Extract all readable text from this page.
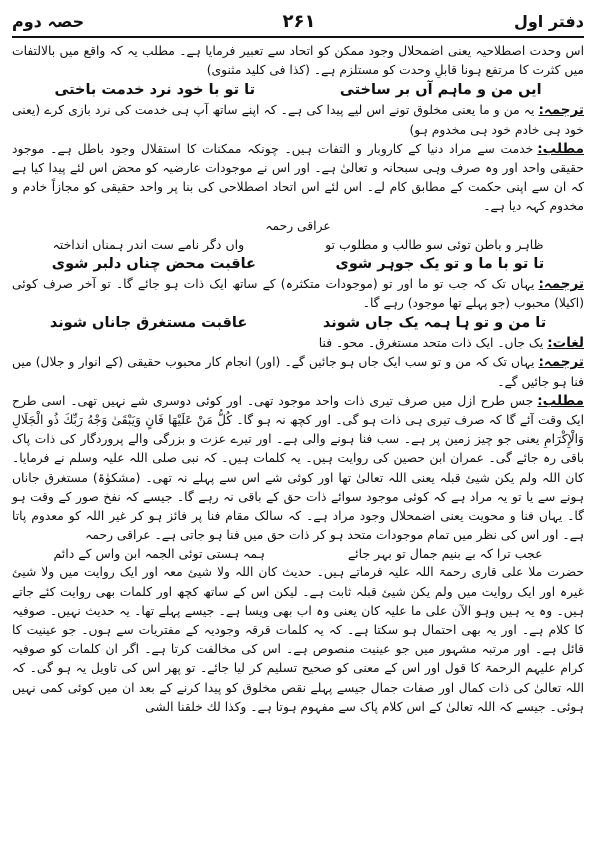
دفتر اول
۲۶۱
حصہ دوم

اس وحدت اصطلاحیہ یعنی اضمحلال وجود ممکن کو اتحاد سے تعبیر فرمایا ہے۔ مطلب یہ کہ واقع میں بالالتفات میں کثرت کا مرتفع ہونا قابلِ وحدت کو مستلزم ہے۔ (کذا فی کلید مثنوی)

ایں من و ماہم آں بر ساختی
تا تو با خود نرد خدمت باختی

ترجمہ:یہ من و ما یعنی مخلوق تونے اس لیے پیدا کی ہے۔ کہ اپنے ساتھ آپ ہی خدمت کی نرد بازی کرے (یعنی خود ہی خادم خود ہی مخدوم ہو)

مطلب:خدمت سے مراد دنیا کے کاروبار و التفات ہیں۔ چونکہ ممکنات کا استقلال وجود باطل ہے۔ موجود حقیقی واحد اور وہ صرف وہی سبحانہ و تعالیٰ ہے۔ اور اس نے موجودات عارضیہ کو محض اس لئے پیدا کیا ہے کہ ان سے اپنی حکمت کے مطابق کام لے۔ اس لئے اس اتحاد اصطلاحی کی بنا پر واحد حقیقی کو مجازاً خادم و مخدوم کہہ دیا ہے۔

عراقی رحمہ

ظاہر و باطن توئی سو طالب و مطلوب تو
واں دگر نامے ست اندر ہمناں انداختہ
تا تو با ما و تو یک جوہر شوی
عاقبت محض چناں دلبر شوی

ترجمہ:یہاں تک کہ جب تو ما اور تو (موجودات متکثرہ) کے ساتھ ایک ذات ہو جائے گا۔ تو آخر صرف کوئی (اکیلا) محبوب (جو پہلے تھا موجود) رہے گا۔

تا من و تو ہا ہمہ یک جاں شوند
عاقبت مستغرق جاناں شوند

لغات:یک جاں۔ ایک ذات متحد مستغرق۔ محو۔ فنا

ترجمہ:یہاں تک کہ من و تو سب ایک جاں ہو جائیں گے۔ (اور) انجام کار محبوب حقیقی (کے انوار و جلال) میں فنا ہو جائیں گے۔

مطلب:جس طرح ازل میں صرف تیری ذات واحد موجود تھی۔ اور کوئی دوسری شے نہیں تھی۔ اسی طرح ایک وقت آئے گا کہ صرف تیری ہی ذات ہو گی۔ اور کچھ نہ ہو گا۔ كُلُّ مَنْ عَلَيْهَا فَانٍ وَيَبْقَىٰ وَجْهُ رَبِّكَ ذُو الْجَلَالِ وَالْإِكْرَامِ یعنی جو چیز زمین پر ہے۔ سب فنا ہونے والی ہے۔ اور تیرے عزت و بزرگی والے پروردگار کی ذات پاک باقی رہ جائے گی۔ عمران ابن حصین کی روایت ہیں۔ یہ کلمات ہیں۔ کہ نبی صلی اللہ علیہ وسلم نے فرمایا۔ کان اللہ ولم یکن شیئ قبلہ یعنی اللہ تعالیٰ تھا اور کوئی شے اس سے پہلے نہ تھی۔ (مشکوٰۃ) مستغرق جاناں ہونے سے یا تو یہ مراد ہے کہ کوئی موجود سوائے ذات حق کے باقی نہ رہے گا۔ جیسے کہ نفخ صور کے وقت ہو گا۔ یہاں فنا و محویت یعنی اضمحلال وجود مراد ہے۔ کہ سالک مقام فنا پر فائز ہو کر غیر اللہ کو معدوم پاتا ہے۔ اور اس کی نظر میں تمام موجودات متحد ہو کر ذات حق میں فنا ہو جاتی ہے۔ عراقی رحمہ

عجب ترا کہ بے بنیم جمال تو بہر جائے
ہمہ ہستی توئی الجمہ ابن واس کے دائم

حضرت ملا علی قاری رحمۃ اللہ علیہ فرماتے ہیں۔ حدیث کان اللہ ولا شیئ معہ اور ایک روایت میں ولا شیئ غیرہ اور ایک روایت میں ولم یکن شیئ قبلہ ثابت ہے۔ لیکن اس کے ساتھ کچھ اور کلمات بھی روایت کئے جاتے ہیں۔ وہ یہ ہیں وہو الآن علی ما علیہ کان یعنی وہ اب بھی ویسا ہے۔ جیسے پہلے تھا۔ یہ حدیث نہیں۔ صوفیہ کا کلام ہے۔ اور یہ بھی احتمال ہو سکتا ہے۔ کہ یہ کلمات قرقہ وجودیہ کے مفتریات سے ہوں۔ جو عینیت کا قائل ہے۔ اور مرتبہ مشہور میں جو عینیت منصوص ہے۔ اس کی مخالفت کرتا ہے۔ اگر ان کلمات کو صوفیہ کرام علیہم الرحمۃ کا قول اور اس کے معنی کو صحیح تسلیم کر لیا جائے۔ تو پھر اس کی تاویل یہ ہو گی۔ کہ اللہ تعالیٰ کی ذات کمال اور صفات جمال جیسے پہلے نقص مخلوق کو پیدا کرنے کے بعد ان میں کوئی کمی نہیں ہوئی۔ جیسے کہ اللہ تعالیٰ کے اس کلام پاک سے مفہوم ہوتا ہے۔ وکذا لك خلقنا الشی
